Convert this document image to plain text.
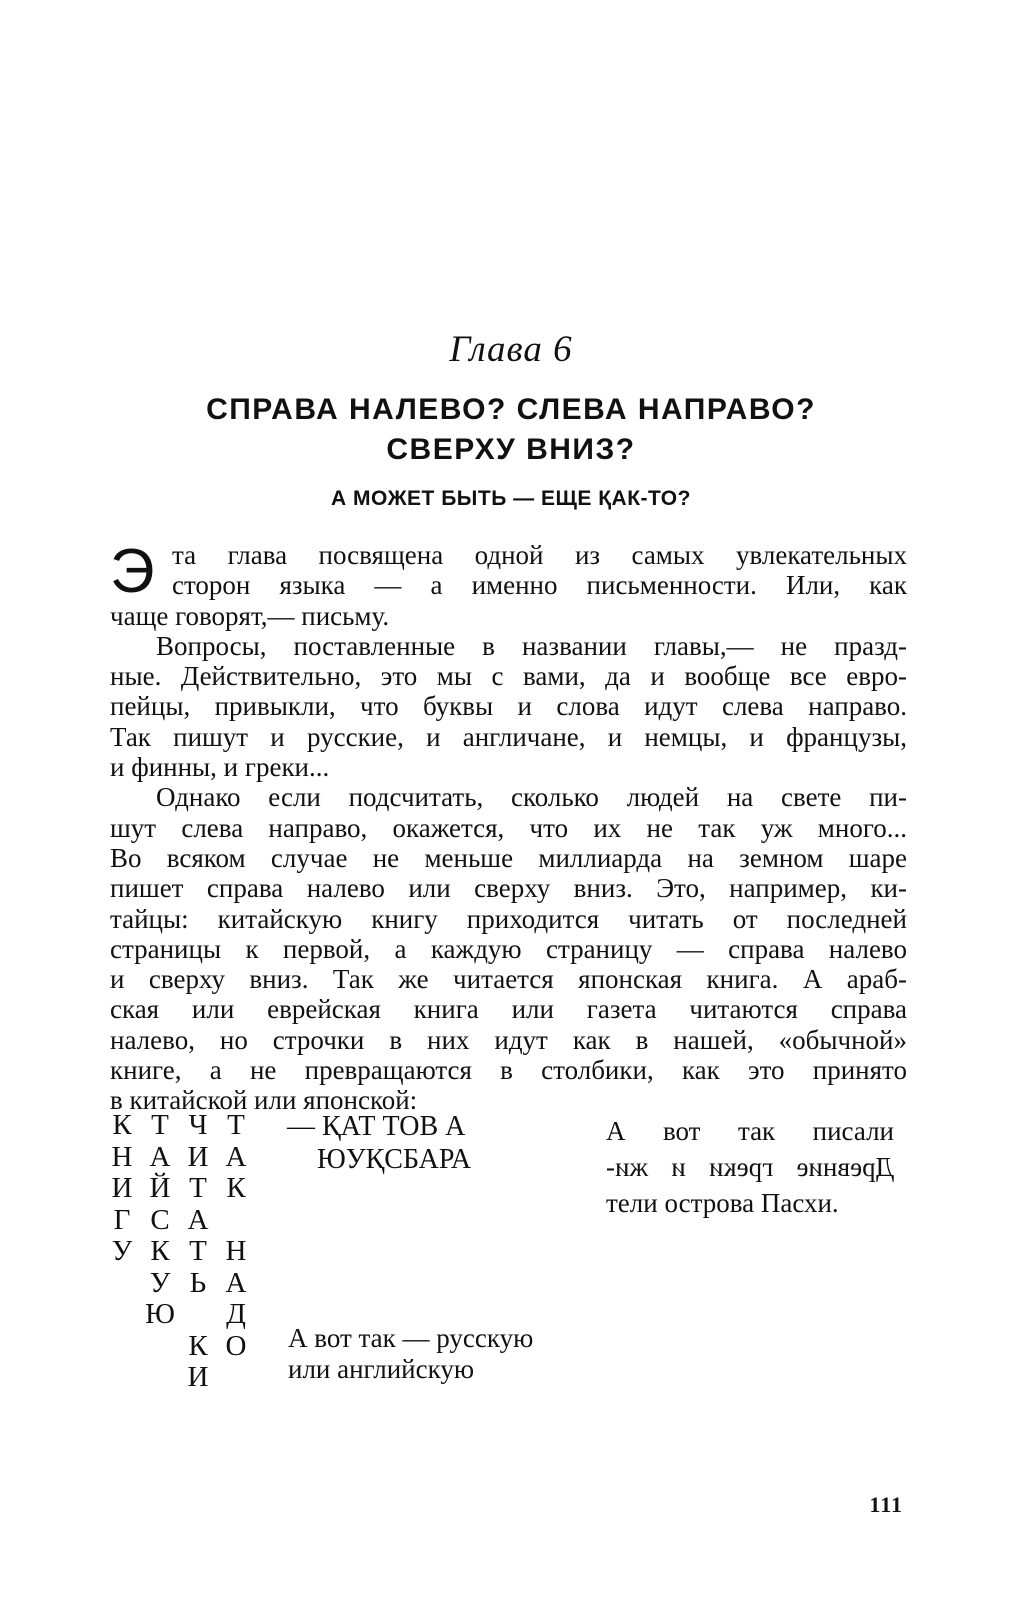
Глава 6
СПРАВА НАЛЕВО? СЛЕВА НАПРАВО?
СВЕРХУ ВНИЗ?
А МОЖЕТ БЫТЬ — ЕЩЕ ҚАК-ТО?
Э та глава посвящена одной из самых увлекательных
сторон языка — а именно письменности. Или, как
чаще говорят,— письму.
Вопросы, поставленные в названии главы,— не празд-
ные. Действительно, это мы с вами, да и вообще все евро-
пейцы, привыкли, что буквы и слова идут слева направо.
Так пишут и русские, и англичане, и немцы, и французы,
и финны, и греки...
Однако если подсчитать, сколько людей на свете пи-
шут слева направо, окажется, что их не так уж много...
Во всяком случае не меньше миллиарда на земном шаре
пишет справа налево или сверху вниз. Это, например, ки-
тайцы: китайскую книгу приходится читать от последней
страницы к первой, а каждую страницу — справа налево
и сверху вниз. Так же читается японская книга. А араб-
ская или еврейская книга или газета читаются справа
налево, но строчки в них идут как в нашей, «обычной»
книге, а не превращаются в столбики, как это принято
в китайской или японской:
К
Н
И
Г
У
Т
А
Й
С
К
У
Ю
Ч
И
Т
А
Т
Ь
К
И
Т
А
К
Н
А
Д
О
— ҚАТ ТОВ А
ЮУҚСБАРА
А вот так — русскую
или английскую
А вот так писали
Древние греки и жи-
тели острова Пасхи.
111
